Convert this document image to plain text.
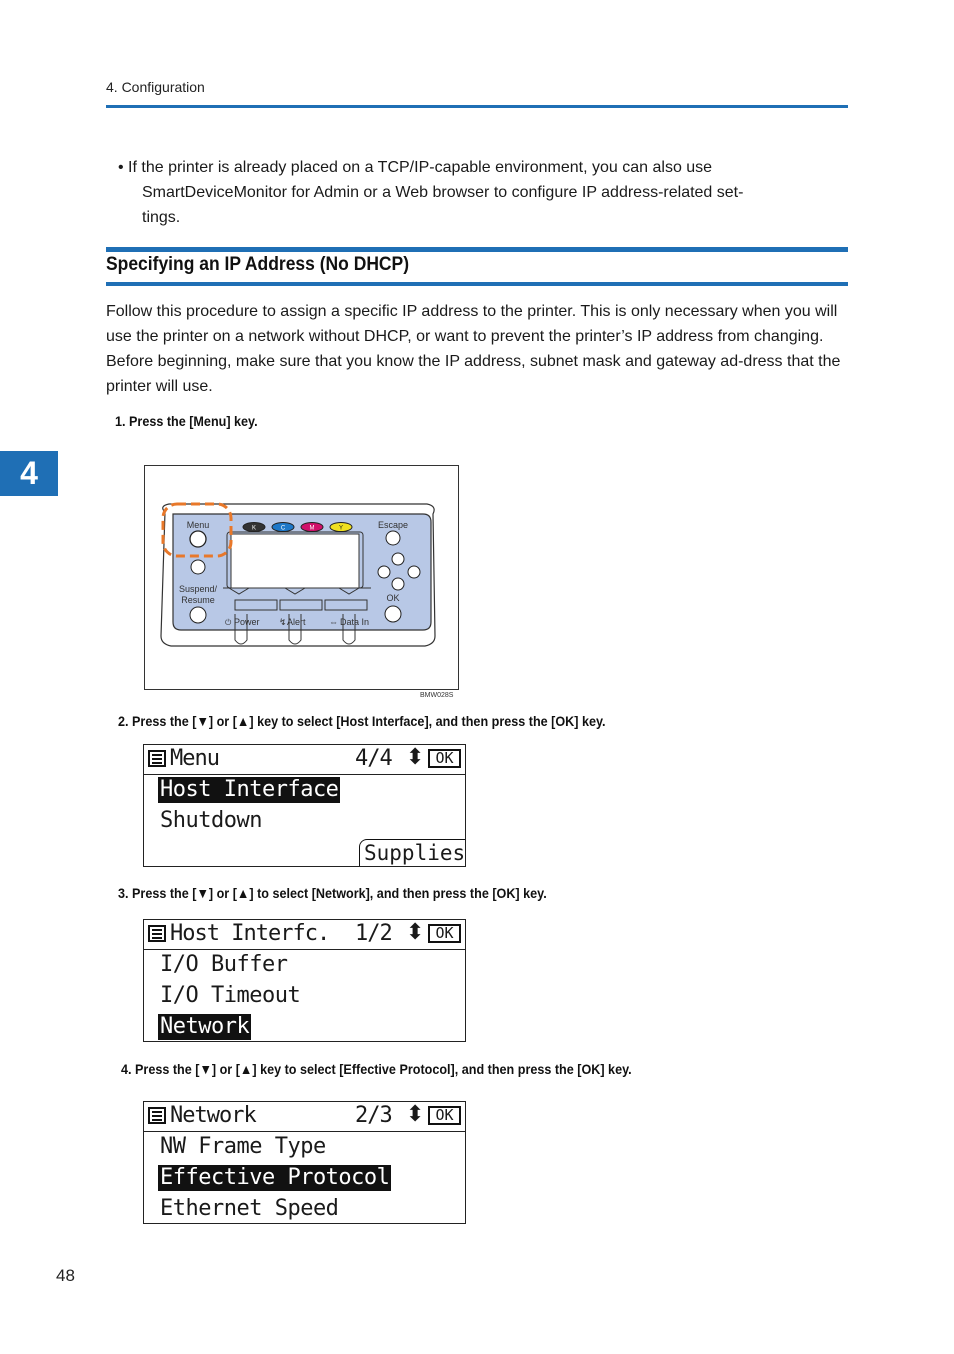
4. Configuration
• If the printer is already placed on a TCP/IP-capable environment, you can also use
SmartDeviceMonitor for Admin or a Web browser to configure IP address-related set-
tings.
Specifying an IP Address (No DHCP)
Follow this procedure to assign a specific IP address to the printer. This is only necessary when you will use the printer on a network without DHCP, or want to prevent the printer’s IP address from changing. Before beginning, make sure that you know the IP address, subnet mask and gateway ad-dress that the printer will use.
4
1. Press the [Menu] key.
K	C	M	Y
Menu
Suspend/
Resume
Escape
OK
⏻ Power ↯ Alert	⇔ Data In
BMW028S
2. Press the [▼] or [▲] key to select [Host Interface], and then press the [OK] key.
Menu	4/4 ⬍ OK
Host Interface
Shutdown
Supplies
3. Press the [▼] or [▲] to select [Network], and then press the [OK] key.
Host Interfc. 1/2 ⬍ OK
I/O Buffer
I/O Timeout
Network
4. Press the [▼] or [▲] key to select [Effective Protocol], and then press the [OK] key.
Network	2/3 ⬍ OK
NW Frame Type
Effective Protocol
Ethernet Speed
48
